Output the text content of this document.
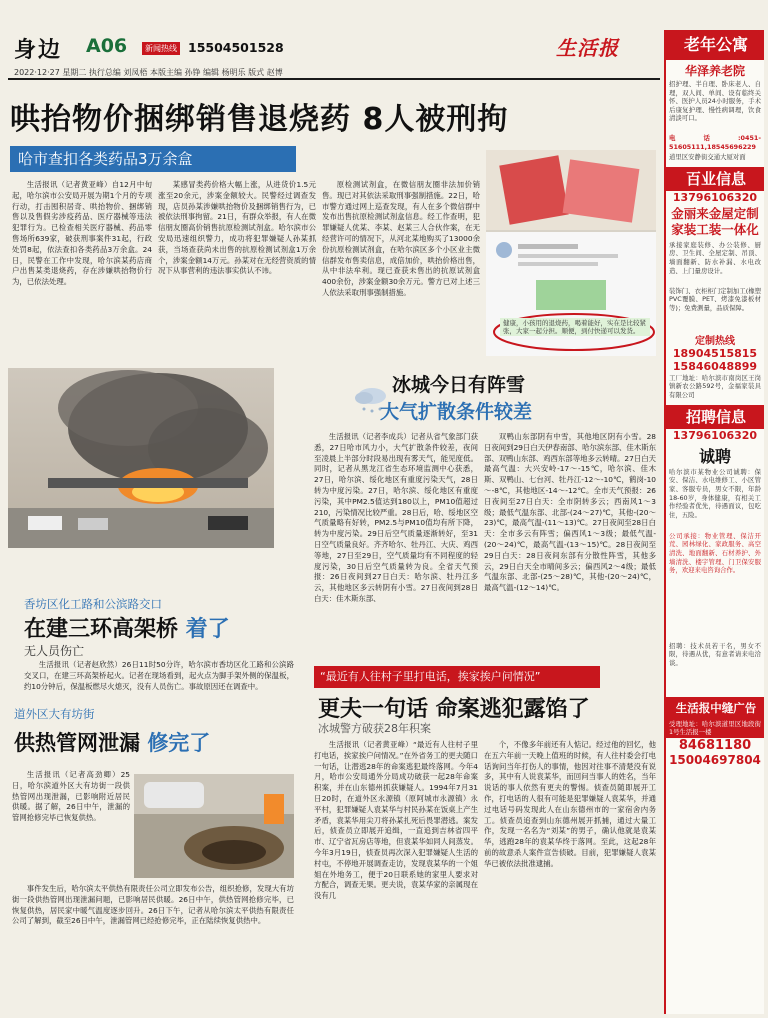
身边 A06	新闻热线 15504501528	生活报
2022·12·27 星期二 执行总编 刘凤梧 本版主编 孙铮 编辑 杨明乐 版式 赵博
哄抬物价捆绑销售退烧药 8人被刑拘
哈市查扣各类药品3万余盒

生活报讯（记者黄亚峰）自12月中旬起，哈尔滨市公安局开展为期1个月的专项行动，打击囤积居奇、哄抬物价、捆绑销售以及售假劣涉疫药品、医疗器械等违法犯罪行为。已检查相关医疗器械、药品零售场所639家，破获刑事案件31起，行政处罚8起，依法查扣各类药品3万余盒。24日，民警在工作中发现，哈尔滨某药店商户出售某类退烧药，存在涉嫌哄抬物价行为，已依法处理。

某感冒类药价格大幅上涨，从进货价1.5元涨至20余元，涉案金额较大。民警经过调查发现，店员孙某涉嫌哄抬物价及捆绑销售行为，已被依法刑事拘留。21日，有群众举报，有人在微信朋友圈高价销售抗原检测试剂盒。哈尔滨市公安局迅速组织警力，成功将犯罪嫌疑人孙某抓获，当场查获尚未出售的抗原检测试剂盒1万余个，涉案金额14万元。孙某对在无经营资质的情况下从事营利的违法事实供认不讳。

原检测试剂盒，在微信朋友圈非法加价销售。现已对其依法采取刑事强制措施。22日，哈市警方通过网上巡查发现，有人在多个微信群中发布出售抗原检测试剂盒信息。经工作查明，犯罪嫌疑人优某、李某、赵某三人合伙作案，在无经营许可的情况下，从河北某地购买了13000余份抗原检测试剂盒，在哈尔滨区多个小区业主微信群发布售卖信息，成倍加价，哄抬价格出售，从中非法牟利。现已查获未售出的抗原试剂盒400余份，涉案金额30余万元。警方已对上述三人依法采取刑事强制措施。

健康，小孩用的退烧药，喝着能好，实在是比较紧张，大家一起分担。顺便，到付快递可以发货。
香坊区化工路和公滨路交口
在建三环高架桥 着了
无人员伤亡

生活报讯（记者赵欣然）26日11时50分许，哈尔滨市香坊区化工路和公滨路交叉口，在建三环高架桥起火。记者在现场看到，起火点为脚手架外侧的保温板，约10分钟后，保温板燃尽火熄灭，没有人员伤亡。事故原因还在调查中。

冰城今日有阵雪
大气扩散条件较差

生活报讯（记者李成兵）记者从省气象部门获悉，27日哈市风力小，大气扩散条件较差，夜间至凌晨上半部分时段易出现有雾天气，能见度低。同时，记者从黑龙江省生态环境监测中心获悉，27日，哈尔滨、绥化地区有重度污染天气，28日转为中度污染。27日，哈尔滨、绥化地区有重度污染，其中PM2.5值达到180以上，PM10值超过210，污染情况比较严重。28日后，哈、绥地区空气质量略有好转，PM2.5与PM10值均有所下降，转为中度污染。29日后空气质量逐渐转好，至31日空气质量良好。齐齐哈尔、牡丹江、大庆、鸡西等地，27日至29日，空气质量均有不同程度的轻度污染，30日后空气质量转为良。全省天气预报：26日夜间到27日白天：哈尔滨、牡丹江多云，其他地区多云转阴有小雪。27日夜间到28日白天：佳木斯东部、

双鸭山东部阴有中雪，其他地区阴有小雪。28日夜间到29日白天伊春南部、哈尔滨东部、佳木斯东部、双鸭山东部、鸡西东部等地多云转晴。27日白天最高气温：大兴安岭-17～-15℃，哈尔滨、佳木斯、双鸭山、七台河、牡丹江-12～-10℃，鹤岗-10～-8℃，其他地区-14～-12℃。全市天气预报：26日夜间至27日白天：全市阴转多云；西南风1～3级；最低气温东部、北部-(24～27)℃，其他-(20～23)℃，最高气温-(11～13)℃。27日夜间至28日白天：全市多云有阵雪；偏西风1～3级；最低气温-(20～24)℃，最高气温-(13～15)℃。28日夜间至29日白天：28日夜间东部有分散性阵雪，其他多云，29日白天全市晴间多云；偏西风2～4级；最低气温东部、北部-(25～28)℃，其他-(20～24)℃，最高气温-(12～14)℃。

“最近有人往村子里打电话，挨家挨户问情况”
更夫一句话 命案逃犯露馅了
冰城警方破获28年积案

生活报讯（记者黄亚峰）“最近有人往村子里打电话，挨家挨户问情况。”在外省务工的更夫随口一句话，让潜逃28年的命案逃犯最终落网。今年4月，哈市公安局通外分局成功破获一起28年命案积案，并在山东德州抓获嫌疑人。1994年7月31日20时，在道外区永源镇（原阿城市永源镇）永平村，犯罪嫌疑人袁某华与村民孙某在饭桌上产生矛盾，袁某华用尖刀将孙某扎死后畏罪潜逃。案发后，侦查员立即展开追缉，一直追到吉林省四平市、辽宁省瓦房店等地，但袁某华如同人间蒸发。今年3月19日，侦查员再次深入犯罪嫌疑人生活的村屯，不停地开展调查走访，发现袁某华的一个姐姐在外地务工，便于20日联系她的家里人要求对方配合，调查无果。更夫说，袁某华家的亲属现在没有几

个，不像多年前还有人惦记。经过他的回忆，他在五六年前一天晚上值班的时候，有人往村委会打电话询问当年打伤人的事情，他因对往事不清楚没有说多，其中有人说袁某华，而回问当事人的姓名，当年说话的事人依然有更夫的警惕。侦查员随即展开工作，打电话的人很有可能是犯罪嫌疑人袁某华，并通过电话号码发现此人在山东德州市的一家宿舍内务工。侦查员追查到山东德州展开抓捕，通过大量工作，发现一名名为“刘某”的男子，确认他就是袁某华，逃跑28年的袁某华终于落网。至此，这起28年前的故意杀人案件宣告侦破。目前，犯罪嫌疑人袁某华已被依法批准逮捕。

道外区大有坊街
供热管网泄漏 修完了

生活报讯（记者高劲卿）25日，哈尔滨道外区大有坊街一段供热管网出现泄漏，已影响附近居民供暖。据了解，26日中午，泄漏的管网抢修完毕已恢复供热。

事件发生后，哈尔滨太平供热有限责任公司立即发布公告，组织抢修，发现大有坊街一段供热管网出现泄漏问题，已影响居民供暖。26日中午，供热管网抢修完毕，已恢复供热，居民家中暖气温度逐步回升。26日下午，记者从哈尔滨太平供热有限责任公司了解到，截至26日中午，泄漏管网已经抢修完毕，正在陆续恢复供热中。

老年公寓
华泽养老院
招护理、半自理、卧床老人、自理，双人间、单间、设有临终关怀、医护人员24小时服务，手术后康复护理、慢性病调理，饮食清淡可口。
电话:0451-51605111,18545696229
道里区安静街交通大厦对面
百业信息
13796106320
金丽来金屋定制家装工装一体化
承接家庭装修、办公装修、厨房、卫生间、全屋定制、吊顶、墙面翻新、防水补漏、水电改造、上门量房设计。
装饰门、衣柜柜门定制加工(橡塑PVC覆膜、PET、烤漆免漆板材等)；免费测量，品质保障。
定制热线
18904515815
15846048899
工厂地址：哈尔滨市南岗区王岗镇新农公路592号，金福家装具有限公司
招聘信息
13796106320
诚聘
哈尔滨市某物业公司诚聘：保安、保洁、水电维修工、小区管家、客服专员，男女不限，年龄18-60岁，身体健康，有相关工作经验者优先，待遇面议，包吃住，五险。
公司承接：物业管理、保洁开荒、园林绿化、家政服务、高空清洗、地面翻新、石材养护、外墙清洗、楼宇管理、门卫保安服务，欢迎来电咨询合作。
招聘：技术员若干名，男女不限，待遇从优，有意者请来电洽谈。
生活报中缝广告
受理地址：哈尔滨道里区地段街1号生活报一楼
84681180
15004697804
